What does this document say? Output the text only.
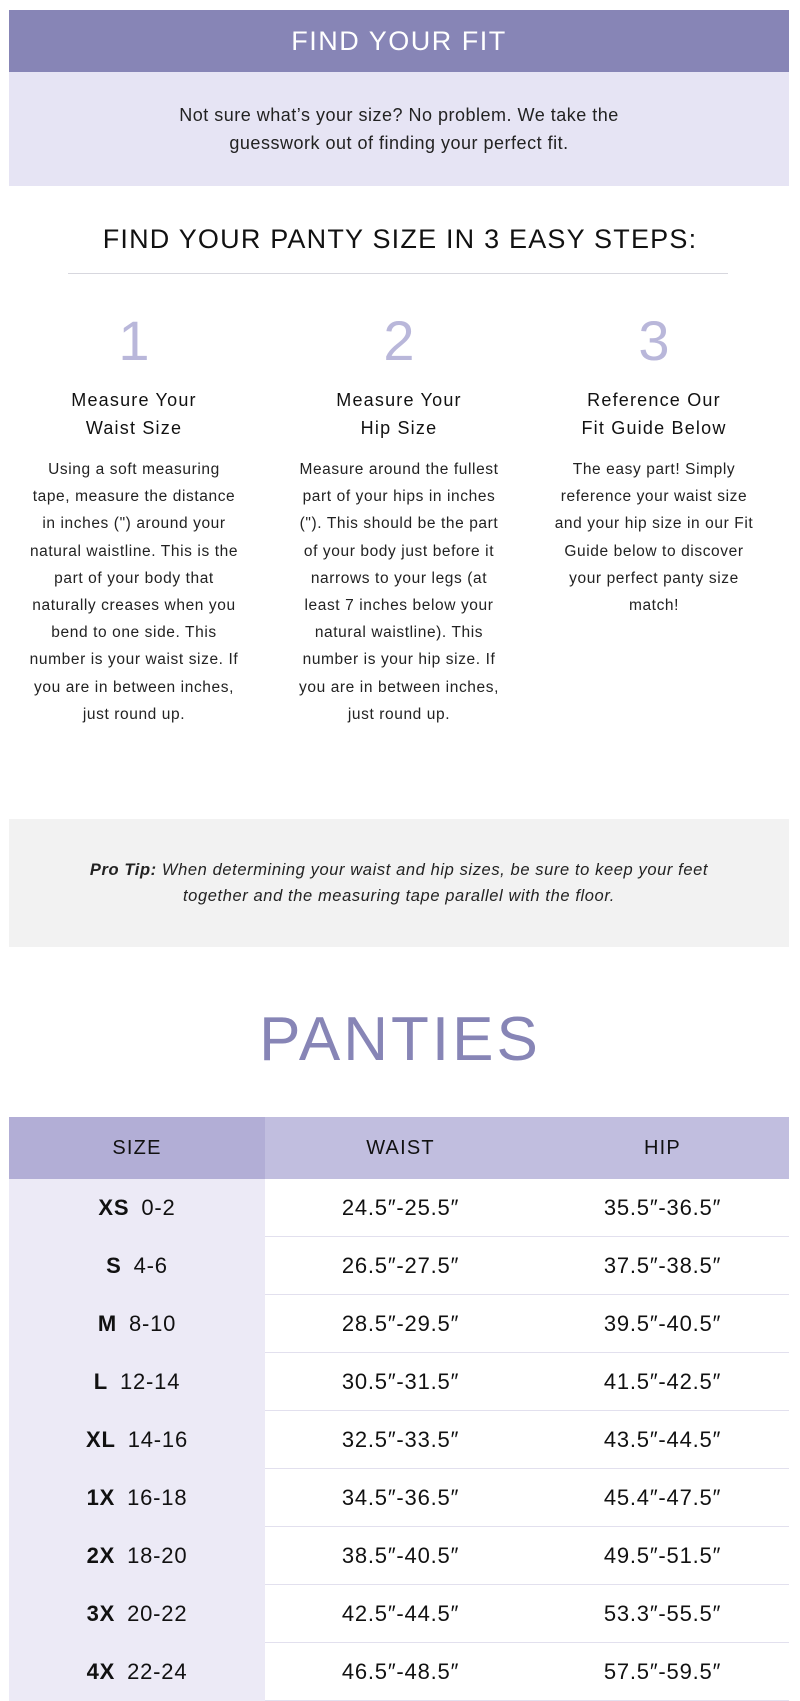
FIND YOUR FIT

Not sure what’s your size? No problem. We take the guesswork out of finding your perfect fit.

FIND YOUR PANTY SIZE IN 3 EASY STEPS:
1
Measure Your
Waist Size
Using a soft measuring tape, measure the distance in inches (") around your natural waistline. This is the part of your body that naturally creases when you bend to one side. This number is your waist size. If you are in between inches, just round up.
2
Measure Your
Hip Size
Measure around the fullest part of your hips in inches ("). This should be the part of your body just before it narrows to your legs (at least 7 inches below your natural waistline). This number is your hip size. If you are in between inches, just round up.
3
Reference Our
Fit Guide Below
The easy part! Simply reference your waist size and your hip size in our Fit Guide below to discover your perfect panty size match!

Pro Tip: When determining your waist and hip sizes, be sure to keep your feet together and the measuring tape parallel with the floor.

PANTIES
SIZE	WAIST	HIP
XS 0-2	24.5″-25.5″	35.5″-36.5″
S 4-6	26.5″-27.5″	37.5″-38.5″
M 8-10	28.5″-29.5″	39.5″-40.5″
L 12-14	30.5″-31.5″	41.5″-42.5″
XL 14-16	32.5″-33.5″	43.5″-44.5″
1X 16-18	34.5″-36.5″	45.4″-47.5″
2X 18-20	38.5″-40.5″	49.5″-51.5″
3X 20-22	42.5″-44.5″	53.3″-55.5″
4X 22-24	46.5″-48.5″	57.5″-59.5″
